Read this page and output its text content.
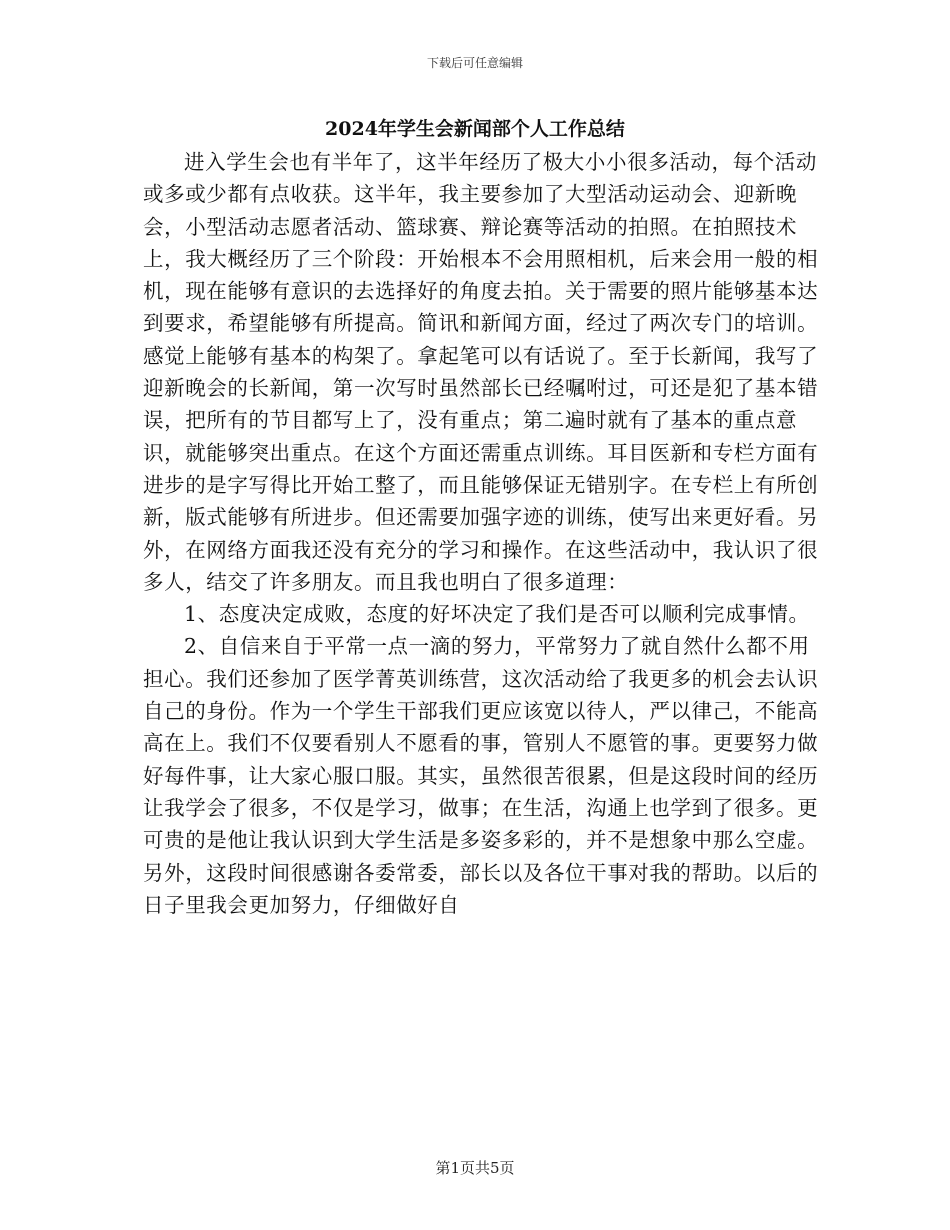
下载后可任意编辑
2024年学生会新闻部个人工作总结

进入学生会也有半年了，这半年经历了极大小小很多活动，每个活动或多或少都有点收获。这半年，我主要参加了大型活动运动会、迎新晚会，小型活动志愿者活动、篮球赛、辩论赛等活动的拍照。在拍照技术上，我大概经历了三个阶段：开始根本不会用照相机，后来会用一般的相机，现在能够有意识的去选择好的角度去拍。关于需要的照片能够基本达到要求，希望能够有所提高。简讯和新闻方面，经过了两次专门的培训。感觉上能够有基本的构架了。拿起笔可以有话说了。至于长新闻，我写了迎新晚会的长新闻，第一次写时虽然部长已经嘱咐过，可还是犯了基本错误，把所有的节目都写上了，没有重点；第二遍时就有了基本的重点意识，就能够突出重点。在这个方面还需重点训练。耳目医新和专栏方面有进步的是字写得比开始工整了，而且能够保证无错别字。在专栏上有所创新，版式能够有所进步。但还需要加强字迹的训练，使写出来更好看。另外，在网络方面我还没有充分的学习和操作。在这些活动中，我认识了很多人，结交了许多朋友。而且我也明白了很多道理：

1、态度决定成败，态度的好坏决定了我们是否可以顺利完成事情。

2、自信来自于平常一点一滴的努力，平常努力了就自然什么都不用担心。我们还参加了医学菁英训练营，这次活动给了我更多的机会去认识自己的身份。作为一个学生干部我们更应该宽以待人，严以律己，不能高高在上。我们不仅要看别人不愿看的事，管别人不愿管的事。更要努力做好每件事，让大家心服口服。其实，虽然很苦很累，但是这段时间的经历让我学会了很多，不仅是学习，做事；在生活，沟通上也学到了很多。更可贵的是他让我认识到大学生活是多姿多彩的，并不是想象中那么空虚。另外，这段时间很感谢各委常委，部长以及各位干事对我的帮助。以后的日子里我会更加努力，仔细做好自

第1页共5页
